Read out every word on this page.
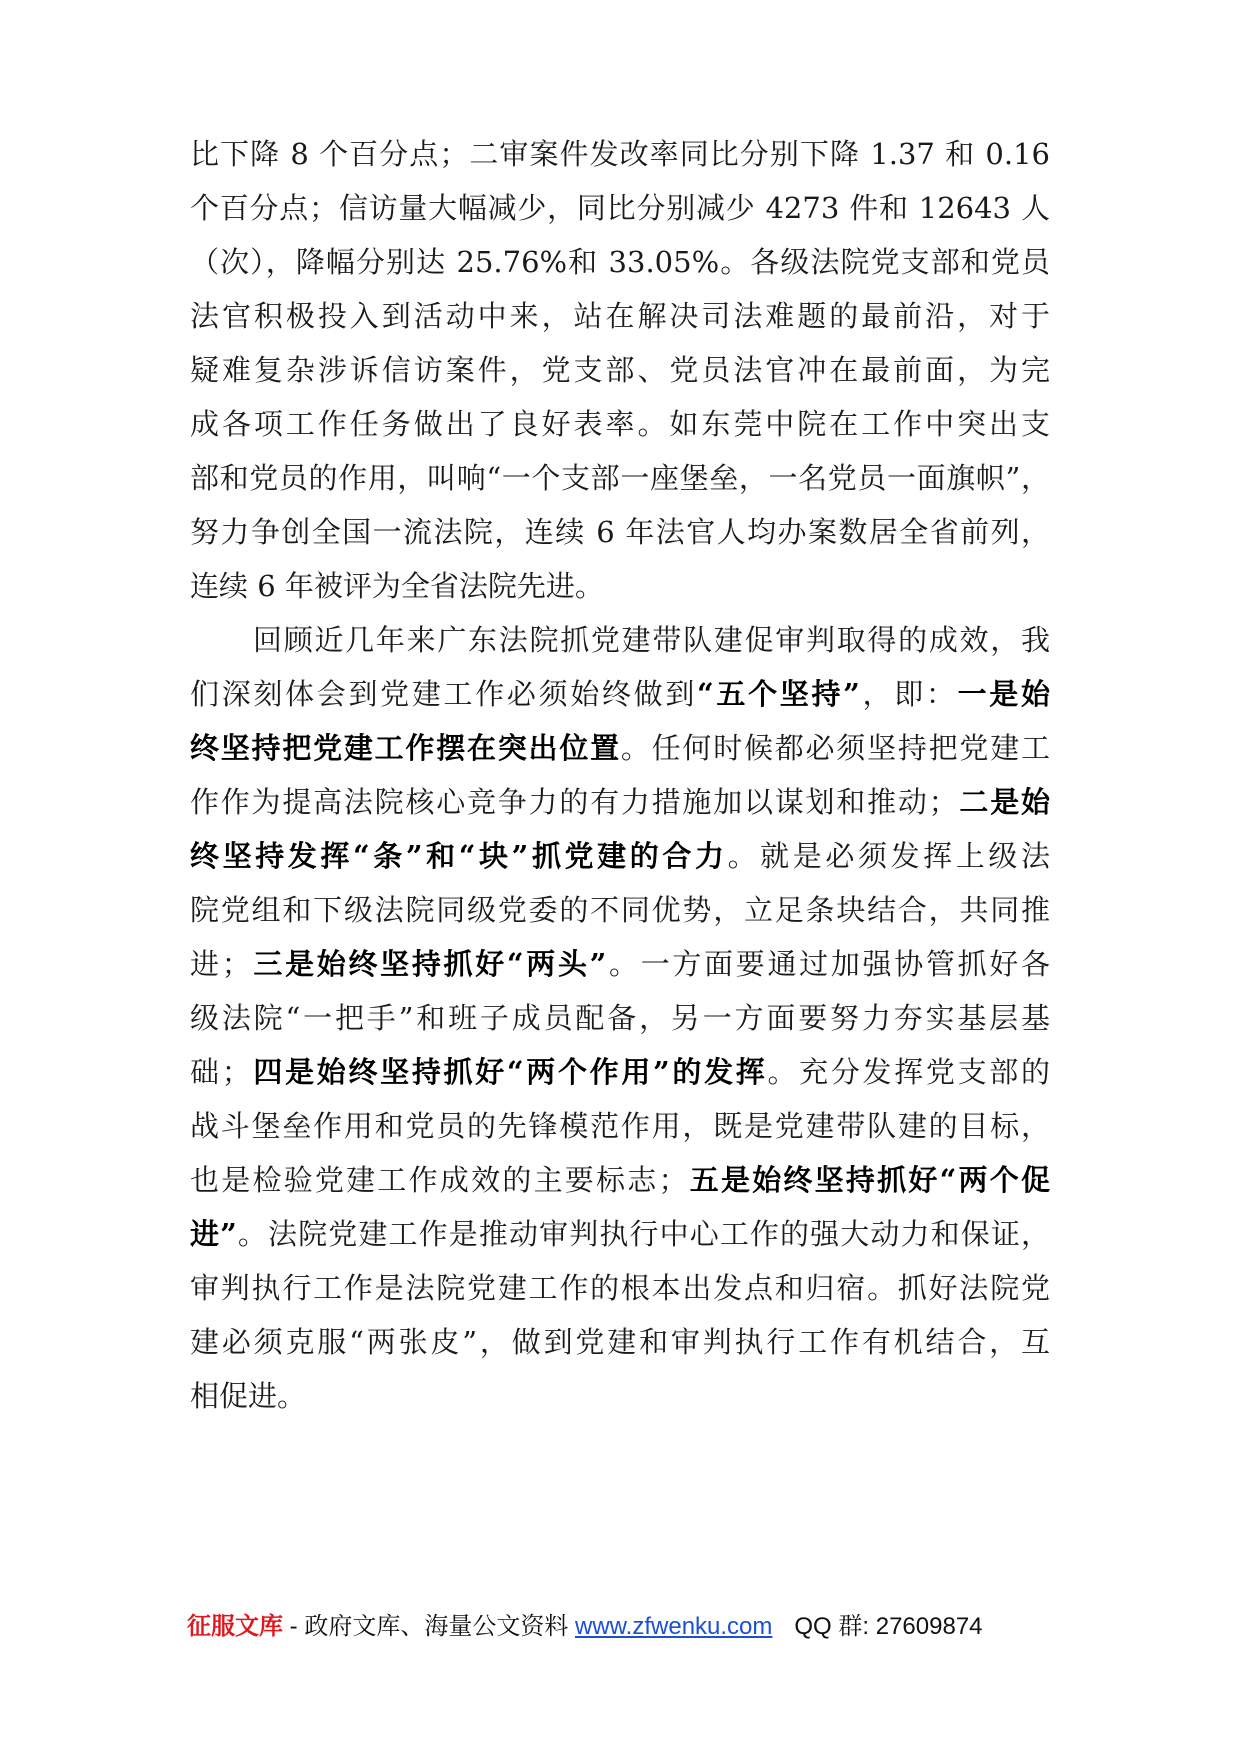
比下降 8 个百分点；二审案件发改率同比分别下降 1.37 和 0.16
个百分点；信访量大幅减少，同比分别减少 4273 件和 12643 人
（次），降幅分别达 25.76%和 33.05%。各级法院党支部和党员
法官积极投入到活动中来，站在解决司法难题的最前沿，对于
疑难复杂涉诉信访案件，党支部、党员法官冲在最前面，为完
成各项工作任务做出了良好表率。如东莞中院在工作中突出支
部和党员的作用，叫响“一个支部一座堡垒，一名党员一面旗帜”，
努力争创全国一流法院，连续 6 年法官人均办案数居全省前列，
连续 6 年被评为全省法院先进。
回顾近几年来广东法院抓党建带队建促审判取得的成效，我
们深刻体会到党建工作必须始终做到“五个坚持”，即：一是始
终坚持把党建工作摆在突出位置。任何时候都必须坚持把党建工
作作为提高法院核心竞争力的有力措施加以谋划和推动；二是始
终坚持发挥“条”和“块”抓党建的合力。就是必须发挥上级法
院党组和下级法院同级党委的不同优势，立足条块结合，共同推
进；三是始终坚持抓好“两头”。一方面要通过加强协管抓好各
级法院“一把手”和班子成员配备，另一方面要努力夯实基层基
础；四是始终坚持抓好“两个作用”的发挥。充分发挥党支部的
战斗堡垒作用和党员的先锋模范作用，既是党建带队建的目标，
也是检验党建工作成效的主要标志；五是始终坚持抓好“两个促
进”。法院党建工作是推动审判执行中心工作的强大动力和保证，
审判执行工作是法院党建工作的根本出发点和归宿。抓好法院党
建必须克服“两张皮”，做到党建和审判执行工作有机结合，互
相促进。
征服文库 - 政府文库、海量公文资料 www.zfwenku.com QQ 群: 27609874
